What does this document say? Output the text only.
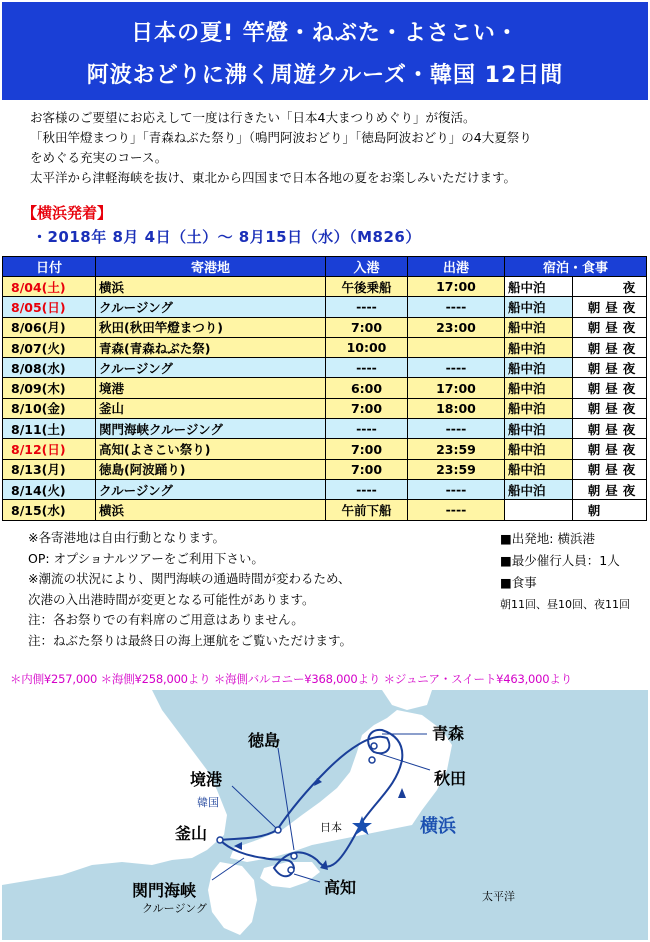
日本の夏! 竿燈・ねぶた・よさこい・
阿波おどりに沸く周遊クルーズ・韓国 12日間
お客様のご要望にお応えして一度は行きたい「日本4大まつりめぐり」が復活。
「秋田竿燈まつり」「青森ねぶた祭り」（鳴門阿波おどり」「徳島阿波おどり」の4大夏祭り
をめぐる充実のコース。
太平洋から津軽海峡を抜け、東北から四国まで日本各地の夏をお楽しみいただけます。
【横浜発着】
・2018年 8月 4日（土）～ 8月15日（水）（M826）
日付	寄港地	入港	出港	宿泊・食事	
8/04(土)	横浜	午後乗船	17:00	船中泊	夜

8/05(日)	クルージング	----	----	船中泊	朝 昼 夜

8/06(月)	秋田(秋田竿燈まつり)	7:00	23:00	船中泊	朝 昼 夜

8/07(火)	青森(青森ねぶた祭)	10:00		船中泊	朝 昼 夜

8/08(水)	クルージング	----	----	船中泊	朝 昼 夜

8/09(木)	境港	6:00	17:00	船中泊	朝 昼 夜

8/10(金)	釜山	7:00	18:00	船中泊	朝 昼 夜

8/11(土)	関門海峡クルージング	----	----	船中泊	朝 昼 夜

8/12(日)	高知(よさこい祭り)	7:00	23:59	船中泊	朝 昼 夜

8/13(月)	徳島(阿波踊り)	7:00	23:59	船中泊	朝 昼 夜

8/14(火)	クルージング	----	----	船中泊	朝 昼 夜

8/15(水)	横浜	午前下船	----		朝
※各寄港地は自由行動となります。
OP: オプショナルツアーをご利用下さい。
※潮流の状況により、関門海峡の通過時間が変わるため、
次港の入出港時間が変更となる可能性があります。
注：各お祭りでの有料席のご用意はありません。
注：ねぶた祭りは最終日の海上運航をご覧いただけます。
■出発地: 横浜港
■最少催行人員：1人
■食事
朝11回、昼10回、夜11回
＊内側¥257,000 ＊海側¥258,000より ＊海側バルコニー¥368,000より ＊ジュニア・スイート¥463,000より
青森
秋田
横浜
日本
太平洋
徳島
境港
韓国
釜山
高知
関門海峡
クルージング
